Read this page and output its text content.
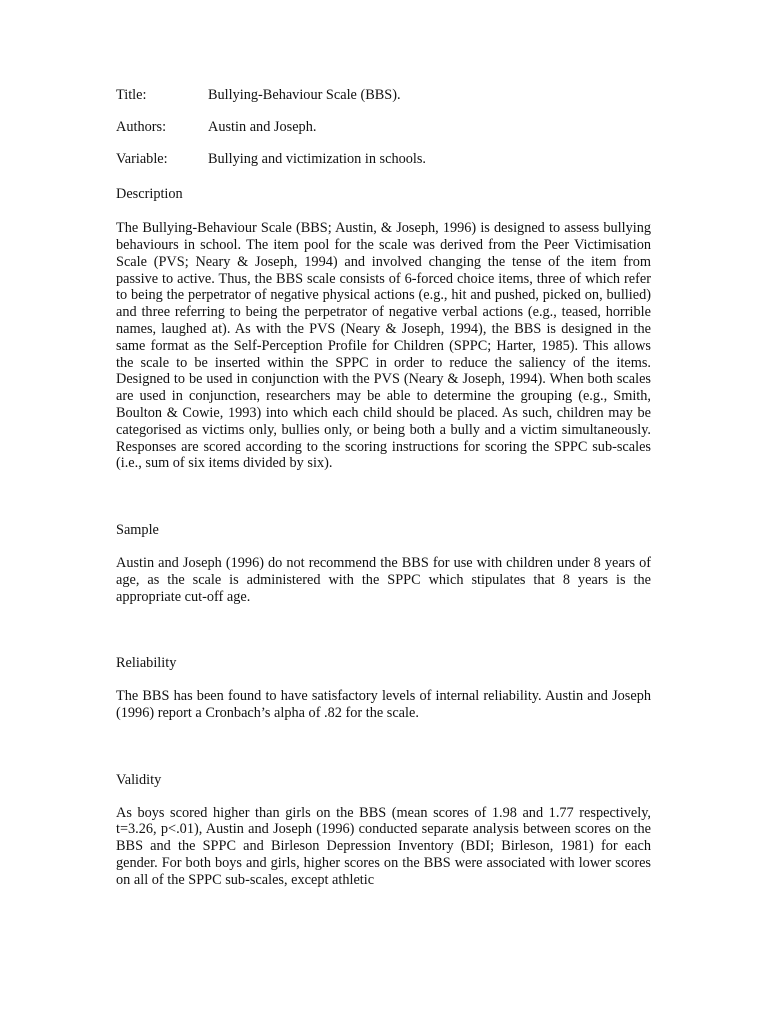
Title:	Bullying-Behaviour Scale (BBS).
Authors:	Austin and Joseph.
Variable:	Bullying and victimization in schools.

Description

The Bullying-Behaviour Scale (BBS; Austin, & Joseph, 1996) is designed to assess bullying behaviours in school. The item pool for the scale was derived from the Peer Victimisation Scale (PVS; Neary & Joseph, 1994) and involved changing the tense of the item from passive to active. Thus, the BBS scale consists of 6-forced choice items, three of which refer to being the perpetrator of negative physical actions (e.g., hit and pushed, picked on, bullied) and three referring to being the perpetrator of negative verbal actions (e.g., teased, horrible names, laughed at). As with the PVS (Neary & Joseph, 1994), the BBS is designed in the same format as the Self-Perception Profile for Children (SPPC; Harter, 1985). This allows the scale to be inserted within the SPPC in order to reduce the saliency of the items. Designed to be used in conjunction with the PVS (Neary & Joseph, 1994). When both scales are used in conjunction, researchers may be able to determine the grouping (e.g., Smith, Boulton & Cowie, 1993) into which each child should be placed. As such, children may be categorised as victims only, bullies only, or being both a bully and a victim simultaneously. Responses are scored according to the scoring instructions for scoring the SPPC sub-scales (i.e., sum of six items divided by six).

Sample

Austin and Joseph (1996) do not recommend the BBS for use with children under 8 years of age, as the scale is administered with the SPPC which stipulates that 8 years is the appropriate cut-off age.

Reliability

The BBS has been found to have satisfactory levels of internal reliability. Austin and Joseph (1996) report a Cronbach’s alpha of .82 for the scale.

Validity

As boys scored higher than girls on the BBS (mean scores of 1.98 and 1.77 respectively, t=3.26, p<.01), Austin and Joseph (1996) conducted separate analysis between scores on the BBS and the SPPC and Birleson Depression Inventory (BDI; Birleson, 1981) for each gender. For both boys and girls, higher scores on the BBS were associated with lower scores on all of the SPPC sub-scales, except athletic
